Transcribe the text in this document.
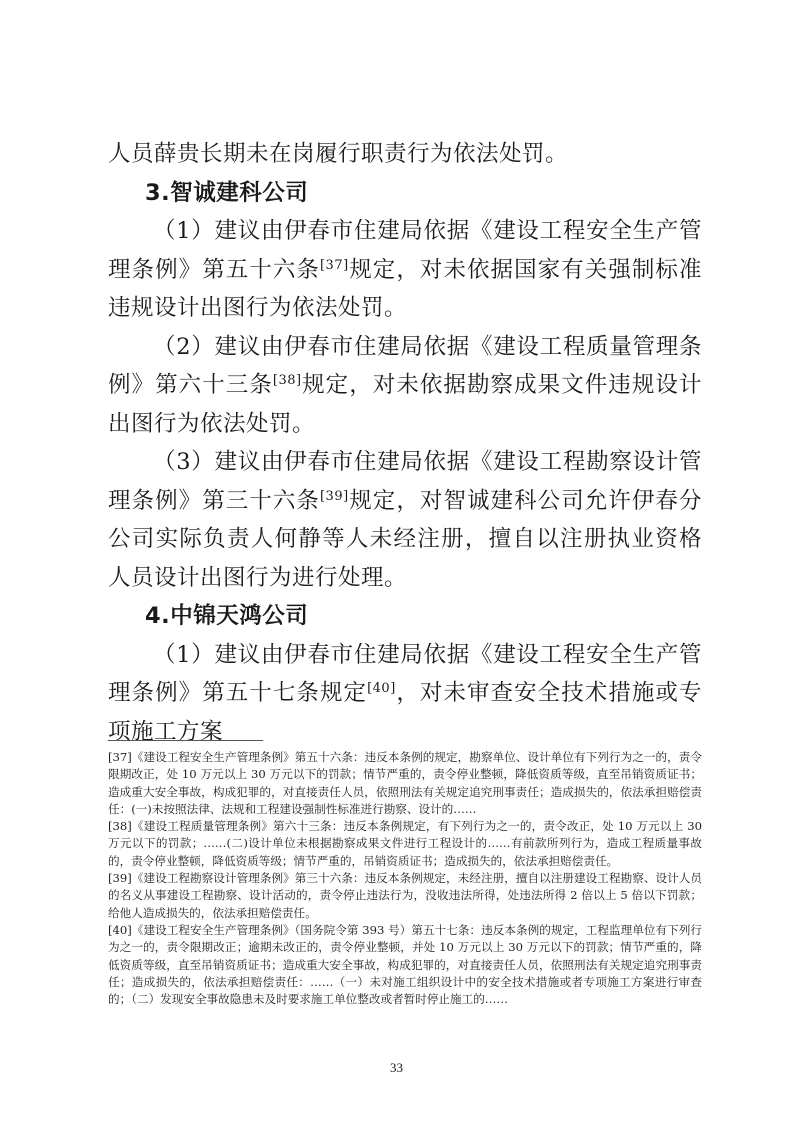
人员薛贵长期未在岗履行职责行为依法处罚。

3.智诚建科公司

（1）建议由伊春市住建局依据《建设工程安全生产管理条例》第五十六条[37]规定，对未依据国家有关强制标准违规设计出图行为依法处罚。

（2）建议由伊春市住建局依据《建设工程质量管理条例》第六十三条[38]规定，对未依据勘察成果文件违规设计出图行为依法处罚。

（3）建议由伊春市住建局依据《建设工程勘察设计管理条例》第三十六条[39]规定，对智诚建科公司允许伊春分公司实际负责人何静等人未经注册，擅自以注册执业资格人员设计出图行为进行处理。

4.中锦天鸿公司

（1）建议由伊春市住建局依据《建设工程安全生产管理条例》第五十七条规定[40]，对未审查安全技术措施或专项施工方案

[37]《建设工程安全生产管理条例》第五十六条：违反本条例的规定，勘察单位、设计单位有下列行为之一的，责令限期改正，处 10 万元以上 30 万元以下的罚款；情节严重的，责令停业整顿，降低资质等级，直至吊销资质证书；造成重大安全事故，构成犯罪的，对直接责任人员，依照刑法有关规定追究刑事责任；造成损失的，依法承担赔偿责任：(一)未按照法律、法规和工程建设强制性标准进行勘察、设计的……

[38]《建设工程质量管理条例》第六十三条：违反本条例规定，有下列行为之一的，责令改正，处 10 万元以上 30 万元以下的罚款；……(二)设计单位未根据勘察成果文件进行工程设计的……有前款所列行为，造成工程质量事故的，责令停业整顿，降低资质等级；情节严重的，吊销资质证书；造成损失的，依法承担赔偿责任。

[39]《建设工程勘察设计管理条例》第三十六条：违反本条例规定，未经注册，擅自以注册建设工程勘察、设计人员的名义从事建设工程勘察、设计活动的，责令停止违法行为，没收违法所得，处违法所得 2 倍以上 5 倍以下罚款；给他人造成损失的，依法承担赔偿责任。

[40]《建设工程安全生产管理条例》（国务院令第 393 号）第五十七条：违反本条例的规定，工程监理单位有下列行为之一的，责令限期改正；逾期未改正的，责令停业整顿，并处 10 万元以上 30 万元以下的罚款；情节严重的，降低资质等级，直至吊销资质证书；造成重大安全事故，构成犯罪的，对直接责任人员，依照刑法有关规定追究刑事责任；造成损失的，依法承担赔偿责任：……（一）未对施工组织设计中的安全技术措施或者专项施工方案进行审查的；（二）发现安全事故隐患未及时要求施工单位整改或者暂时停止施工的……

33
